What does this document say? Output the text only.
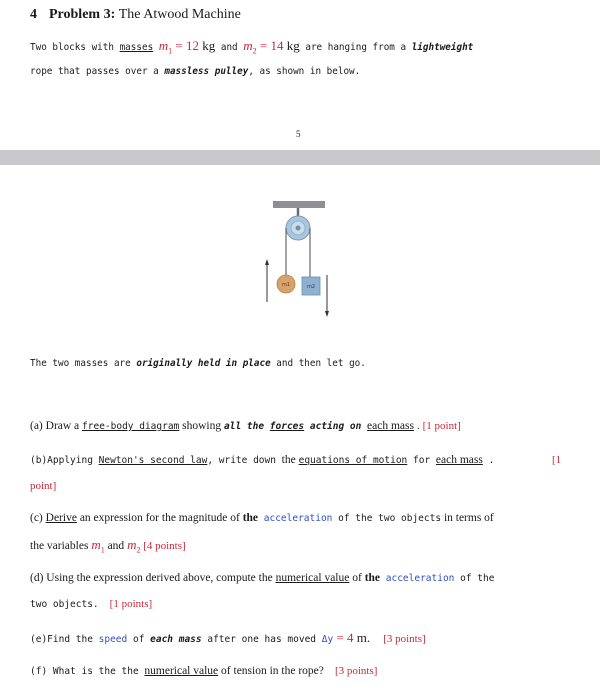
4 Problem 3: The Atwood Machine
Two blocks with masses $m_1 = 12$ kg and $m_2 = 14$ kg are hanging from a lightweight
rope that passes over a massless pulley, as shown in below.
5
m1	m2
The two masses are originally held in place and then let go.
(a) Draw a free-body diagram showing all the forces acting on each mass . [1 point]
(b)Applying Newton's second law, write down the equations of motion for each mass .	[1
point]
(c) Derive an expression for the magnitude of the acceleration of the two objects in terms of
the variables $m_1$ and $m_2$ [4 points]
(d) Using the expression derived above, compute the numerical value of the acceleration of the
two objects. [1 points]
(e)Find the speed of each mass after one has moved Δy = 4 m. [3 points]
(f) What is the the numerical value of tension in the rope? [3 points]
